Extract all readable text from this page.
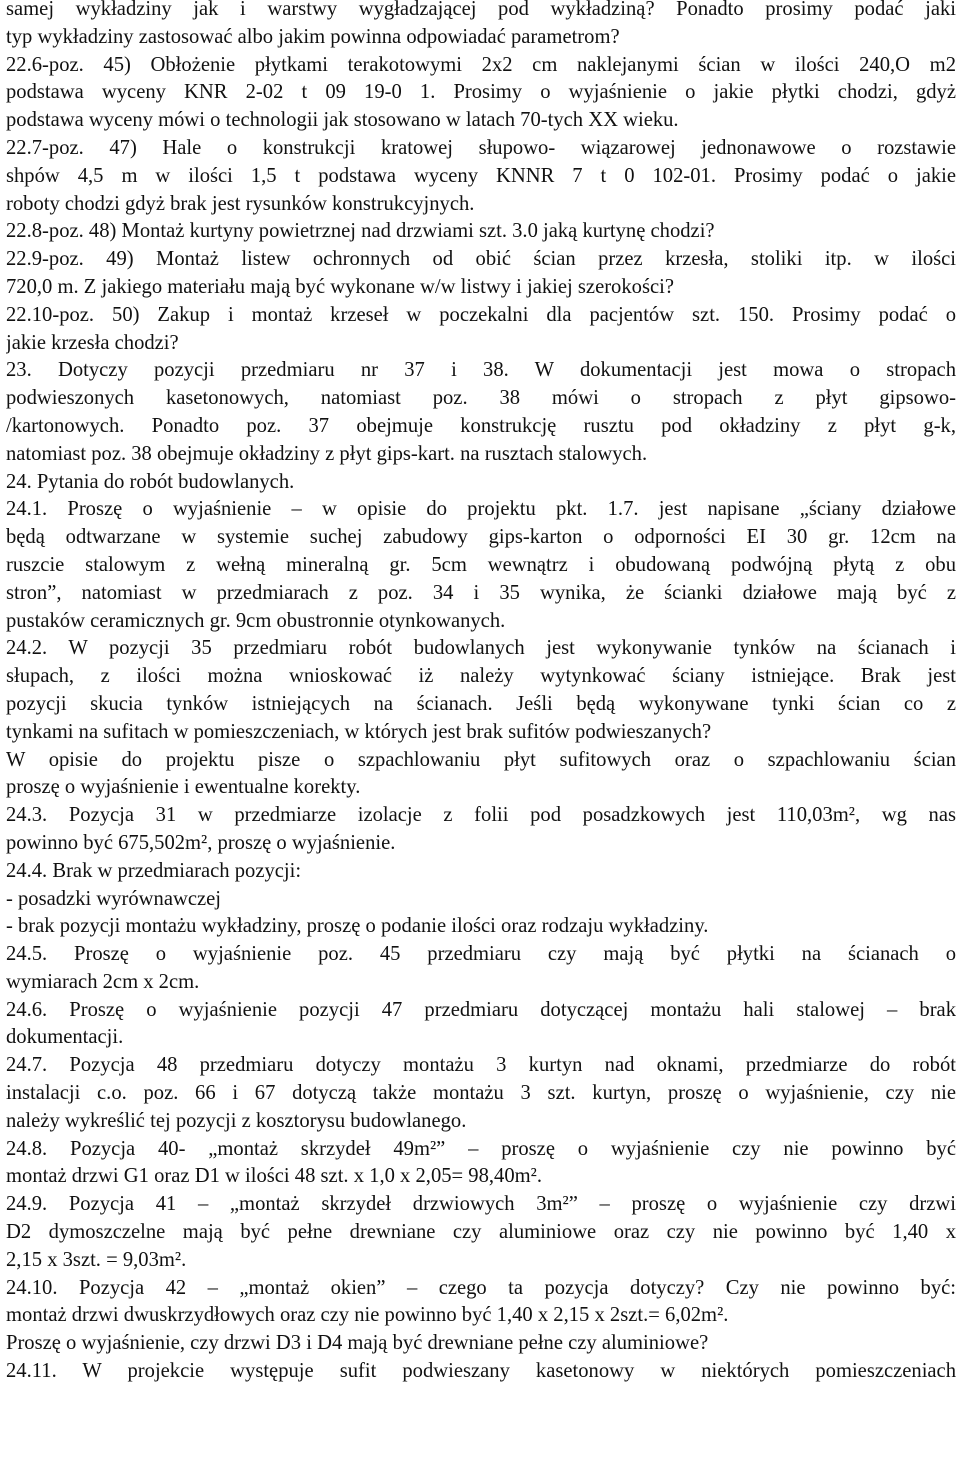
samej wykładziny jak i warstwy wygładzającej pod wykładziną? Ponadto prosimy podać jaki
typ wykładziny zastosować albo jakim powinna odpowiadać parametrom?
22.6-poz. 45) Obłożenie płytkami terakotowymi 2x2 cm naklejanymi ścian w ilości 240,O m2
podstawa wyceny KNR 2-02 t 09 19-0 1. Prosimy o wyjaśnienie o jakie płytki chodzi, gdyż
podstawa wyceny mówi o technologii jak stosowano w latach 70-tych XX wieku.
22.7-poz. 47) Hale o konstrukcji kratowej słupowo- wiązarowej jednonawowe o rozstawie
shpów 4,5 m w ilości 1,5 t podstawa wyceny KNNR 7 t 0 102-01. Prosimy podać o jakie
roboty chodzi gdyż brak jest rysunków konstrukcyjnych.
22.8-poz. 48) Montaż kurtyny powietrznej nad drzwiami szt. 3.0 jaką kurtynę chodzi?
22.9-poz. 49) Montaż listew ochronnych od obić ścian przez krzesła, stoliki itp. w ilości
720,0 m. Z jakiego materiału mają być wykonane w/w listwy i jakiej szerokości?
22.10-poz. 50) Zakup i montaż krzeseł w poczekalni dla pacjentów szt. 150. Prosimy podać o
jakie krzesła chodzi?
23. Dotyczy pozycji przedmiaru nr 37 i 38. W dokumentacji jest mowa o stropach
podwieszonych kasetonowych, natomiast poz. 38 mówi o stropach z płyt gipsowo-
/kartonowych. Ponadto poz. 37 obejmuje konstrukcję rusztu pod okładziny z płyt g-k,
natomiast poz. 38 obejmuje okładziny z płyt gips-kart. na rusztach stalowych.
24. Pytania do robót budowlanych.
24.1. Proszę o wyjaśnienie – w opisie do projektu pkt. 1.7. jest napisane „ściany działowe
będą odtwarzane w systemie suchej zabudowy gips-karton o odporności EI 30 gr. 12cm na
ruszcie stalowym z wełną mineralną gr. 5cm wewnątrz i obudowaną podwójną płytą z obu
stron”, natomiast w przedmiarach z poz. 34 i 35 wynika, że ścianki działowe mają być z
pustaków ceramicznych gr. 9cm obustronnie otynkowanych.
24.2. W pozycji 35 przedmiaru robót budowlanych jest wykonywanie tynków na ścianach i
słupach, z ilości można wnioskować iż należy wytynkować ściany istniejące. Brak jest
pozycji skucia tynków istniejących na ścianach. Jeśli będą wykonywane tynki ścian co z
tynkami na sufitach w pomieszczeniach, w których jest brak sufitów podwieszanych?
W opisie do projektu pisze o szpachlowaniu płyt sufitowych oraz o szpachlowaniu ścian
proszę o wyjaśnienie i ewentualne korekty.
24.3. Pozycja 31 w przedmiarze izolacje z folii pod posadzkowych jest 110,03m², wg nas
powinno być 675,502m², proszę o wyjaśnienie.
24.4. Brak w przedmiarach pozycji:
- posadzki wyrównawczej
- brak pozycji montażu wykładziny, proszę o podanie ilości oraz rodzaju wykładziny.
24.5. Proszę o wyjaśnienie poz. 45 przedmiaru czy mają być płytki na ścianach o
wymiarach 2cm x 2cm.
24.6. Proszę o wyjaśnienie pozycji 47 przedmiaru dotyczącej montażu hali stalowej – brak
dokumentacji.
24.7. Pozycja 48 przedmiaru dotyczy montażu 3 kurtyn nad oknami, przedmiarze do robót
instalacji c.o. poz. 66 i 67 dotyczą także montażu 3 szt. kurtyn, proszę o wyjaśnienie, czy nie
należy wykreślić tej pozycji z kosztorysu budowlanego.
24.8. Pozycja 40- „montaż skrzydeł 49m²” – proszę o wyjaśnienie czy nie powinno być
montaż drzwi G1 oraz D1 w ilości 48 szt. x 1,0 x 2,05= 98,40m².
24.9. Pozycja 41 – „montaż skrzydeł drzwiowych 3m²” – proszę o wyjaśnienie czy drzwi
D2 dymoszczelne mają być pełne drewniane czy aluminiowe oraz czy nie powinno być 1,40 x
2,15 x 3szt. = 9,03m².
24.10. Pozycja 42 – „montaż okien” – czego ta pozycja dotyczy? Czy nie powinno być:
montaż drzwi dwuskrzydłowych oraz czy nie powinno być 1,40 x 2,15 x 2szt.= 6,02m².
Proszę o wyjaśnienie, czy drzwi D3 i D4 mają być drewniane pełne czy aluminiowe?
24.11. W projekcie występuje sufit podwieszany kasetonowy w niektórych pomieszczeniach
